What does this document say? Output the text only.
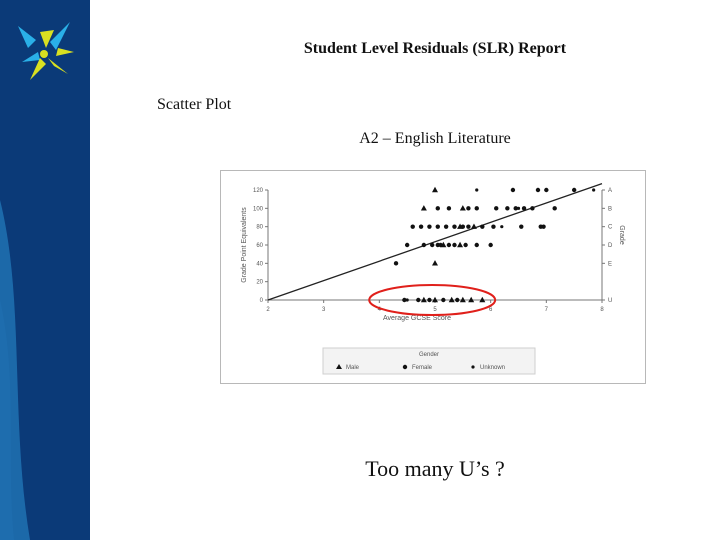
Student Level Residuals (SLR) Report
Scatter Plot
A2 – English Literature
2	3	4	5	6	7	8
0
20
40
60
80
100
120	A
B
C
D
E
U
Average GCSE Score
Grade Point Equivalents	Grade
Gender
Male	Female	Unknown
Too many U’s ?
